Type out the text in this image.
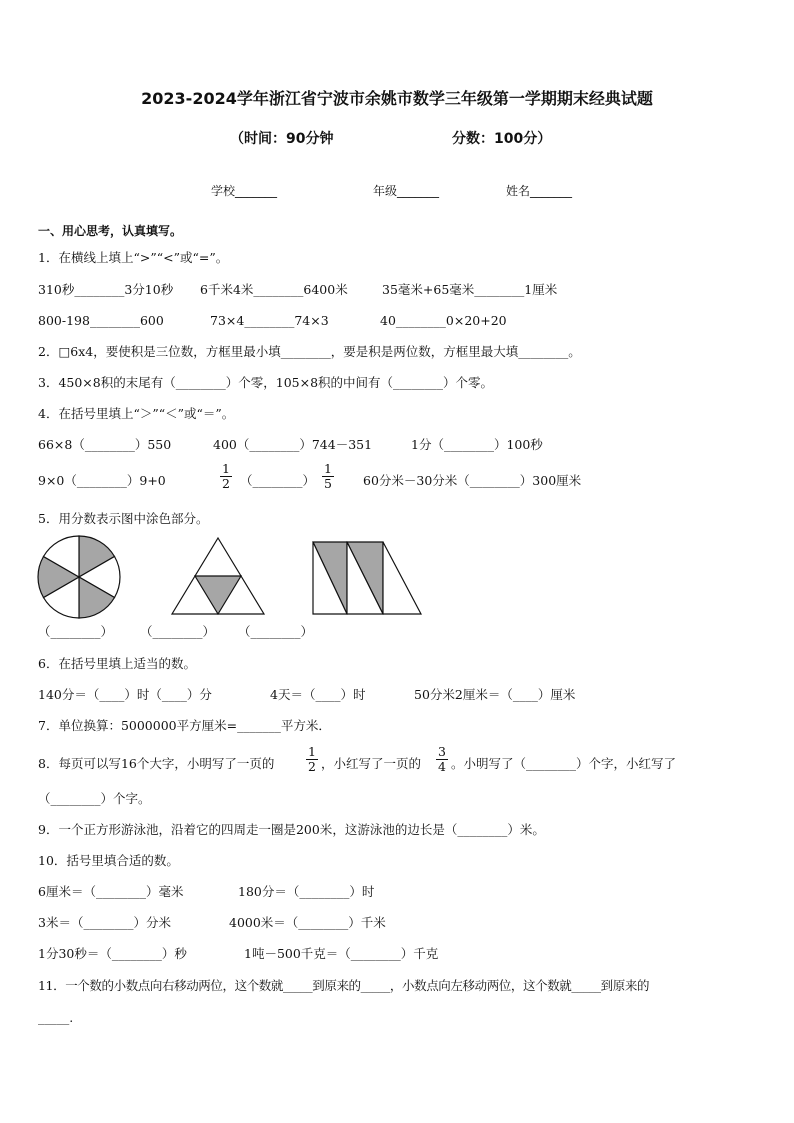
2023-2024学年浙江省宁波市余姚市数学三年级第一学期期末经典试题
（时间：90分钟	分数：100分）
学校_______	年级_______	姓名_______
一、用心思考，认真填写。
1．在横线上填上“>”“<”或“=”。
310秒________3分10秒 6千米4米________6400米	35毫米+65毫米________1厘米
800-198________600	73×4________74×3	40________0×20+20
2．□6x4，要使积是三位数，方框里最小填________，要是积是两位数，方框里最大填________。
3．450×8积的末尾有（________）个零，105×8积的中间有（________）个零。
4．在括号里填上“＞”“＜”或“＝”。
66×8（________）550	400（________）744－351	1分（________）100秒
9×0（________）9+0	$\frac{1}{2}$ （________） $\frac{1}{5} 60$分米－30分米（________）300厘米
5．用分数表示图中涂色部分。
（________） （________） （________）
6．在括号里填上适当的数。
140分＝（____）时（____）分	4天＝（____）时	50分米2厘米＝（____）厘米
7．单位换算：5000000平方厘米=_______平方米．
8．每页可以写16个大字，小明写了一页的	$\frac{1}{2}$ ，小红写了一页的 $\frac{3}{4}$ 。小明写了（________）个字，小红写了
（________）个字。
9．一个正方形游泳池，沿着它的四周走一圈是200米，这游泳池的边长是（________）米。
10．括号里填合适的数。
6厘米＝（________）毫米	180分＝（________）时
3米＝（________）分米	4000米＝（________）千米
1分30秒＝（________）秒	1吨－500千克＝（________）千克
11．一个数的小数点向右移动两位，这个数就_____到原来的_____，小数点向左移动两位，这个数就_____到原来的
_____.
